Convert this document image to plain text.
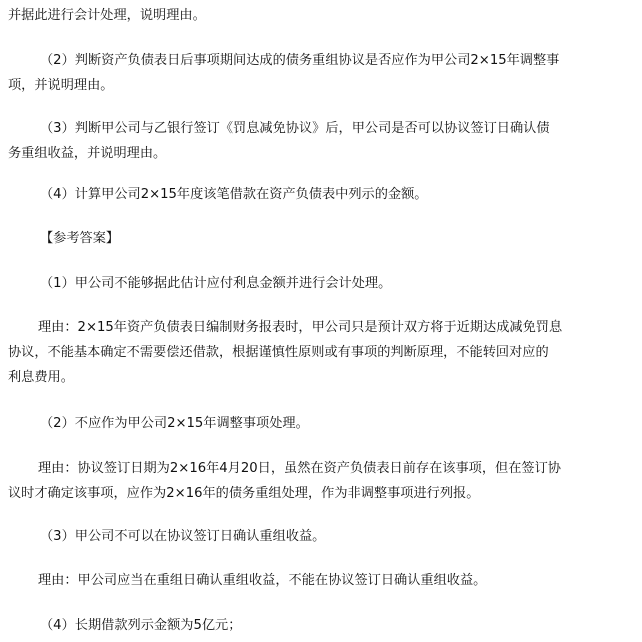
并据此进行会计处理，说明理由。
（2）判断资产负债表日后事项期间达成的债务重组协议是否应作为甲公司2×15年调整事
项，并说明理由。
（3）判断甲公司与乙银行签订《罚息减免协议》后，甲公司是否可以协议签订日确认债
务重组收益，并说明理由。
（4）计算甲公司2×15年度该笔借款在资产负债表中列示的金额。
【参考答案】
（1）甲公司不能够据此估计应付利息金额并进行会计处理。
理由：2×15年资产负债表日编制财务报表时，甲公司只是预计双方将于近期达成减免罚息
协议，不能基本确定不需要偿还借款，根据谨慎性原则或有事项的判断原理，不能转回对应的
利息费用。
（2）不应作为甲公司2×15年调整事项处理。
理由：协议签订日期为2×16年4月20日，虽然在资产负债表日前存在该事项，但在签订协
议时才确定该事项，应作为2×16年的债务重组处理，作为非调整事项进行列报。
（3）甲公司不可以在协议签订日确认重组收益。
理由：甲公司应当在重组日确认重组收益，不能在协议签订日确认重组收益。
（4）长期借款列示金额为5亿元；
